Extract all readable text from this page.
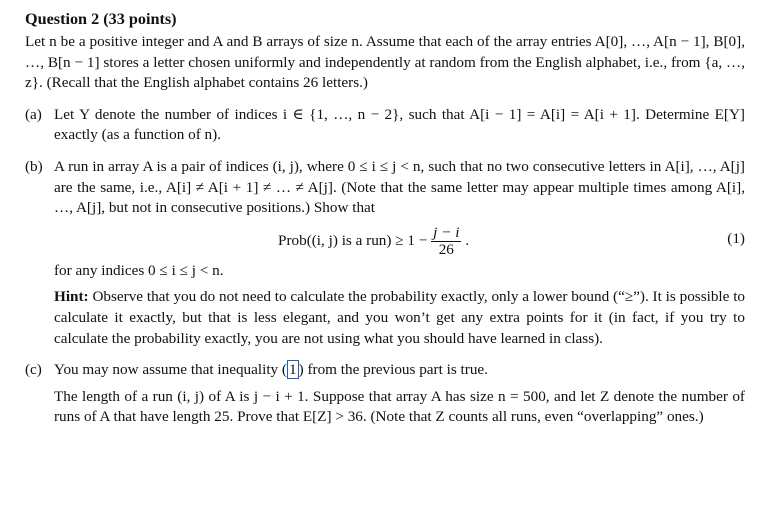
Question 2 (33 points)

Let n be a positive integer and A and B arrays of size n. Assume that each of the array entries A[0], …, A[n − 1], B[0], …, B[n − 1] stores a letter chosen uniformly and independently at random from the English alphabet, i.e., from {a, …, z}. (Recall that the English alphabet contains 26 letters.)

(a) Let Y denote the number of indices i ∈ {1, …, n − 2}, such that A[i − 1] = A[i] = A[i + 1]. Determine E[Y] exactly (as a function of n).

(b) A run in array A is a pair of indices (i, j), where 0 ≤ i ≤ j < n, such that no two consecutive letters in A[i], …, A[j] are the same, i.e., A[i] ≠ A[i + 1] ≠ … ≠ A[j]. (Note that the same letter may appear multiple times among A[i], …, A[j], but not in consecutive positions.) Show that

Prob((i, j) is a $run) \ge 1 - \frac{j - i}{26}$ .	(1)

for any indices 0 ≤ i ≤ j < n.

Hint: Observe that you do not need to calculate the probability exactly, only a lower bound (“≥”). It is possible to calculate it exactly, but that is less elegant, and you won’t get any extra points for it (in fact, if you try to calculate the probability exactly, you are not using what you should have learned in class).

(c) You may now assume that inequality ( 1 ) from the previous part is true.

The length of a run (i, j) of A is j − i + 1. Suppose that array A has size n = 500, and let Z denote the number of runs of A that have length 25. Prove that E[Z] > 36. (Note that Z counts all runs, even “overlapping” ones.)
